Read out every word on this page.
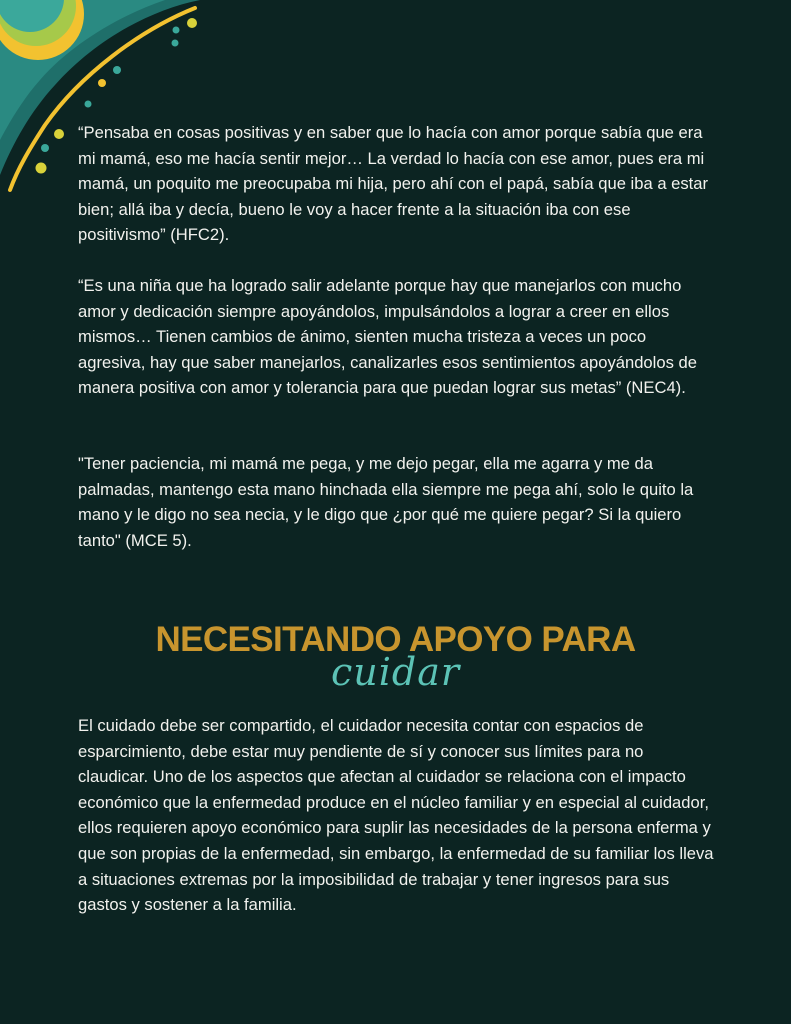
“Pensaba en cosas positivas y en saber que lo hacía con amor porque sabía que era mi mamá, eso me hacía sentir mejor… La verdad lo hacía con ese amor, pues era mi mamá, un poquito me preocupaba mi hija, pero ahí con el papá, sabía que iba a estar bien; allá iba y decía, bueno le voy a hacer frente a la situación iba con ese positivismo” (HFC2).

“Es una niña que ha logrado salir adelante porque hay que manejarlos con mucho amor y dedicación siempre apoyándolos, impulsándolos a lograr a creer en ellos mismos… Tienen cambios de ánimo, sienten mucha tristeza a veces un poco agresiva, hay que saber manejarlos, canalizarles esos sentimientos apoyándolos de manera positiva con amor y tolerancia para que puedan lograr sus metas” (NEC4).

"Tener paciencia, mi mamá me pega, y me dejo pegar, ella me agarra y me da palmadas, mantengo esta mano hinchada ella siempre me pega ahí, solo le quito la mano y le digo no sea necia, y le digo que ¿por qué me quiere pegar? Si la quiero tanto" (MCE 5).

NECESITANDO APOYO PARA
cuidar

El cuidado debe ser compartido, el cuidador necesita contar con espacios de esparcimiento, debe estar muy pendiente de sí y conocer sus límites para no claudicar. Uno de los aspectos que afectan al cuidador se relaciona con el impacto económico que la enfermedad produce en el núcleo familiar y en especial al cuidador, ellos requieren apoyo económico para suplir las necesidades de la persona enferma y que son propias de la enfermedad, sin embargo, la enfermedad de su familiar los lleva a situaciones extremas por la imposibilidad de trabajar y tener ingresos para sus gastos y sostener a la familia.
